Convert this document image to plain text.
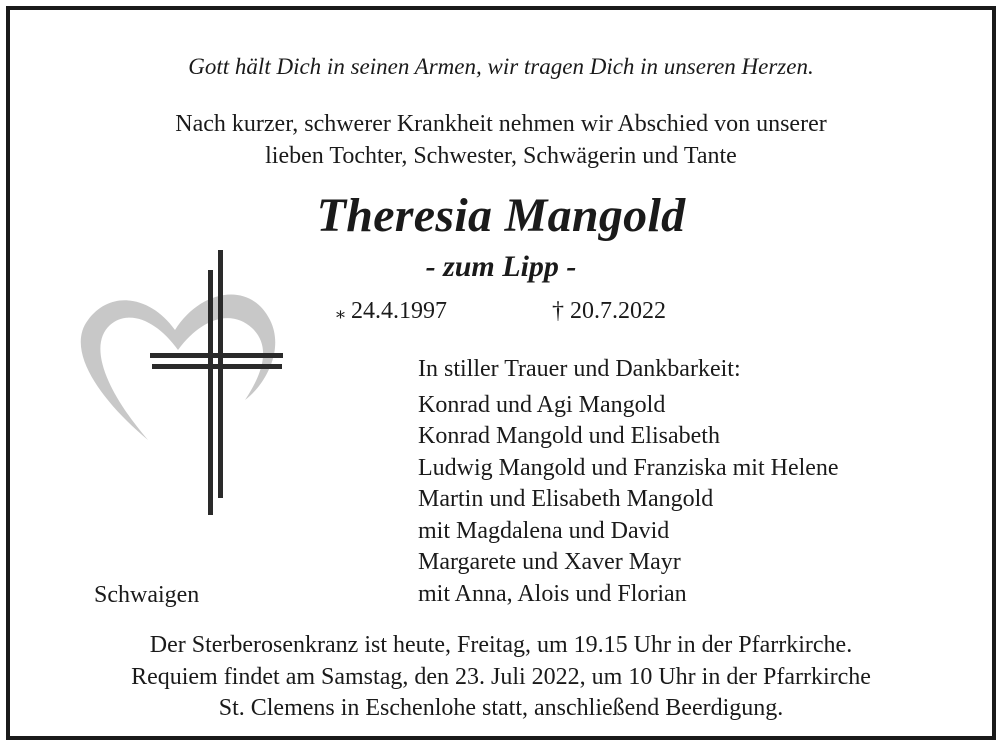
Gott hält Dich in seinen Armen, wir tragen Dich in unseren Herzen.
Nach kurzer, schwerer Krankheit nehmen wir Abschied von unserer
lieben Tochter, Schwester, Schwägerin und Tante
Theresia Mangold
- zum Lipp -
⁎ 24.4.1997	† 20.7.2022
Schwaigen
In stiller Trauer und Dankbarkeit:
Konrad und Agi Mangold
Konrad Mangold und Elisabeth
Ludwig Mangold und Franziska mit Helene
Martin und Elisabeth Mangold
mit Magdalena und David
Margarete und Xaver Mayr
mit Anna, Alois und Florian
Der Sterberosenkranz ist heute, Freitag, um 19.15 Uhr in der Pfarrkirche.
Requiem findet am Samstag, den 23. Juli 2022, um 10 Uhr in der Pfarrkirche
St. Clemens in Eschenlohe statt, anschließend Beerdigung.
